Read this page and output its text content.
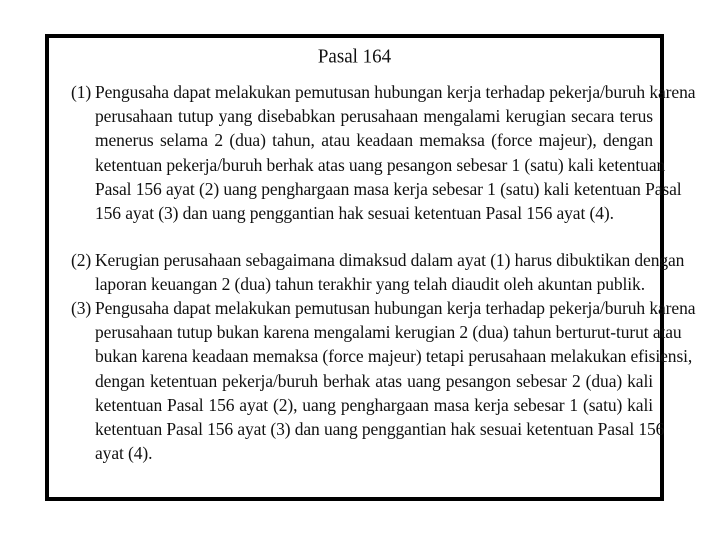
Pasal 164
(1) Pengusaha dapat melakukan pemutusan hubungan kerja terhadap pekerja/buruh karena
perusahaan tutup yang disebabkan perusahaan mengalami kerugian secara terus
menerus selama 2 (dua) tahun, atau keadaan memaksa (force majeur), dengan
ketentuan pekerja/buruh berhak atas uang pesangon sebesar 1 (satu) kali ketentuan
Pasal 156 ayat (2) uang penghargaan masa kerja sebesar 1 (satu) kali ketentuan Pasal
156 ayat (3) dan uang penggantian hak sesuai ketentuan Pasal 156 ayat (4).
(2) Kerugian perusahaan sebagaimana dimaksud dalam ayat (1) harus dibuktikan dengan
laporan keuangan 2 (dua) tahun terakhir yang telah diaudit oleh akuntan publik.
(3) Pengusaha dapat melakukan pemutusan hubungan kerja terhadap pekerja/buruh karena
perusahaan tutup bukan karena mengalami kerugian 2 (dua) tahun berturut-turut atau
bukan karena keadaan memaksa (force majeur) tetapi perusahaan melakukan efisiensi,
dengan ketentuan pekerja/buruh berhak atas uang pesangon sebesar 2 (dua) kali
ketentuan Pasal 156 ayat (2), uang penghargaan masa kerja sebesar 1 (satu) kali
ketentuan Pasal 156 ayat (3) dan uang penggantian hak sesuai ketentuan Pasal 156
ayat (4).
